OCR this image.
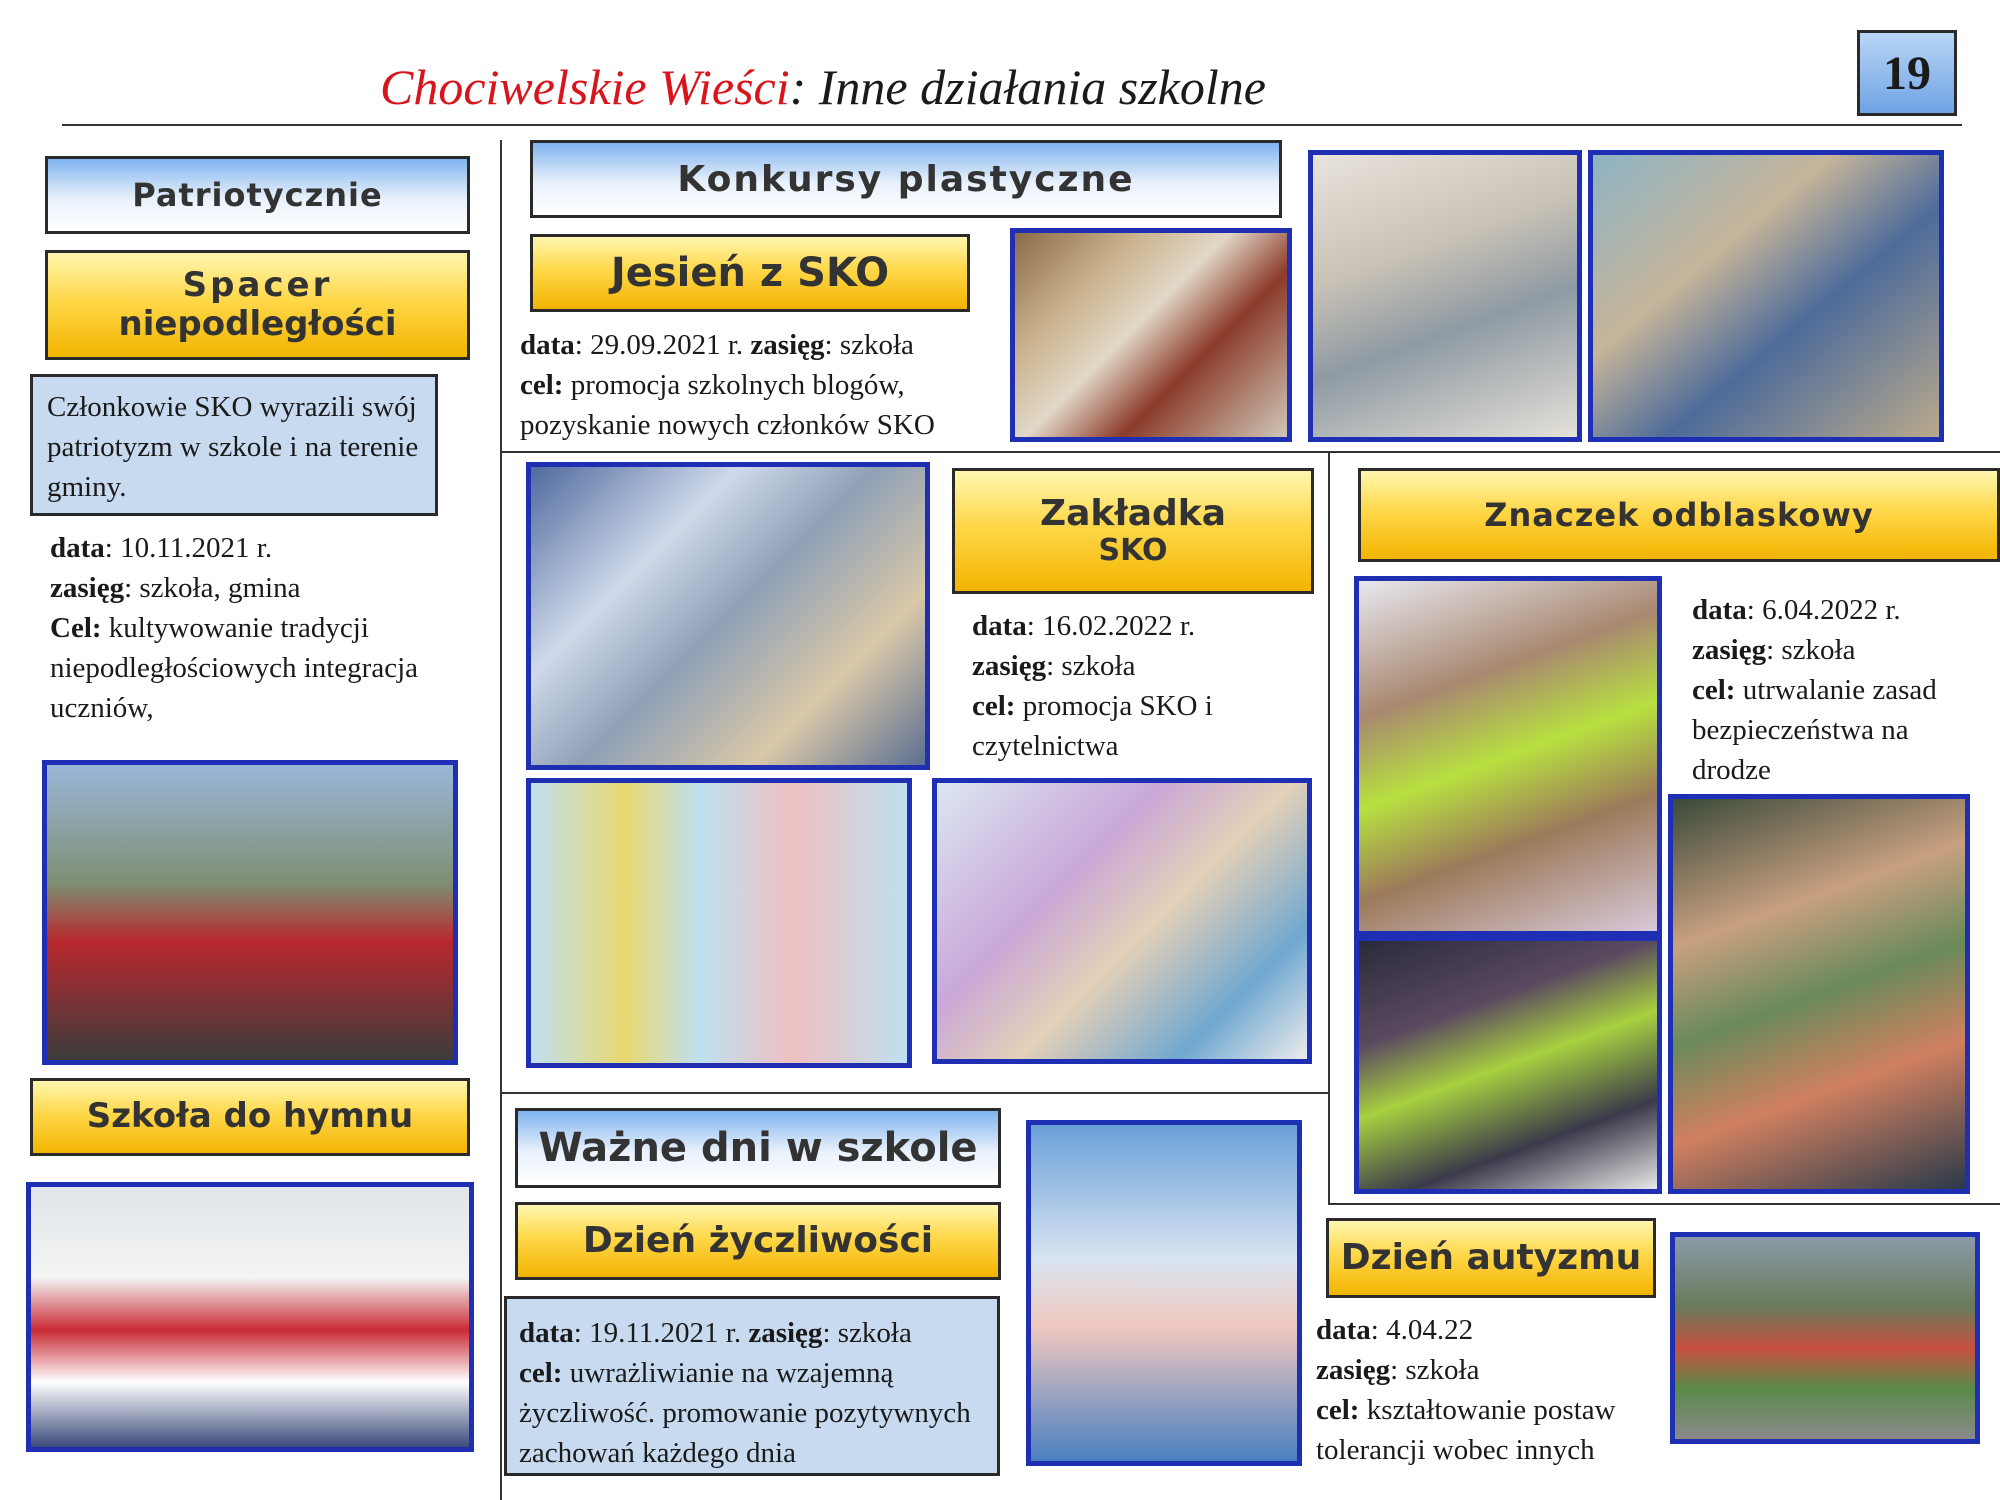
Chociwelskie Wieści: Inne działania szkolne	19
Patriotycznie
Spacer
niepodległości
Członkowie SKO wyrazili swój patriotyzm w szkole i na terenie gminy.
data: 10.11.2021 r.
zasięg: szkoła, gmina
Cel: kultywowanie tradycji niepodległościowych integracja uczniów,
Szkoła do hymnu
Konkursy plastyczne
Jesień z SKO
data: 29.09.2021 r. zasięg: szkoła
cel: promocja szkolnych blogów, pozyskanie nowych członków SKO
Zakładka
SKO
data: 16.02.2022 r.
zasięg: szkoła
cel: promocja SKO i czytelnictwa
Znaczek odblaskowy
data: 6.04.2022 r.
zasięg: szkoła
cel: utrwalanie zasad bezpieczeństwa na drodze
Ważne dni w szkole
Dzień życzliwości
data: 19.11.2021 r. zasięg: szkoła
cel: uwrażliwianie na wzajemną życzliwość. promowanie pozytywnych zachowań każdego dnia
Dzień autyzmu
data: 4.04.22
zasięg: szkoła
cel: kształtowanie postaw tolerancji wobec innych
